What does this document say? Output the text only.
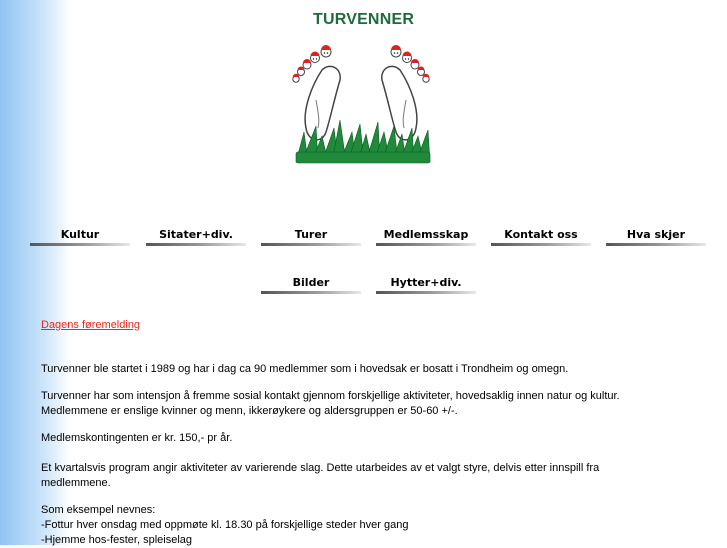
TURVENNER
Kultur	Sitater+div.	Turer	Medlemsskap	Kontakt oss	Hva skjer
Bilder	Hytter+div.
Dagens føremelding

Turvenner ble startet i 1989 og har i dag ca 90 medlemmer som i hovedsak er bosatt i Trondheim og omegn.

Turvenner har som intensjon å fremme sosial kontakt gjennom forskjellige aktiviteter, hovedsaklig innen natur og kultur.

Medlemmene er enslige kvinner og menn, ikkerøykere og aldersgruppen er 50-60 +/-.

Medlemskontingenten er kr. 150,- pr år.

Et kvartalsvis program angir aktiviteter av varierende slag. Dette utarbeides av et valgt styre, delvis etter innspill fra

medlemmene.

Som eksempel nevnes:

-Fottur hver onsdag med oppmøte kl. 18.30 på forskjellige steder hver gang

-Hjemme hos-fester, spleiselag
